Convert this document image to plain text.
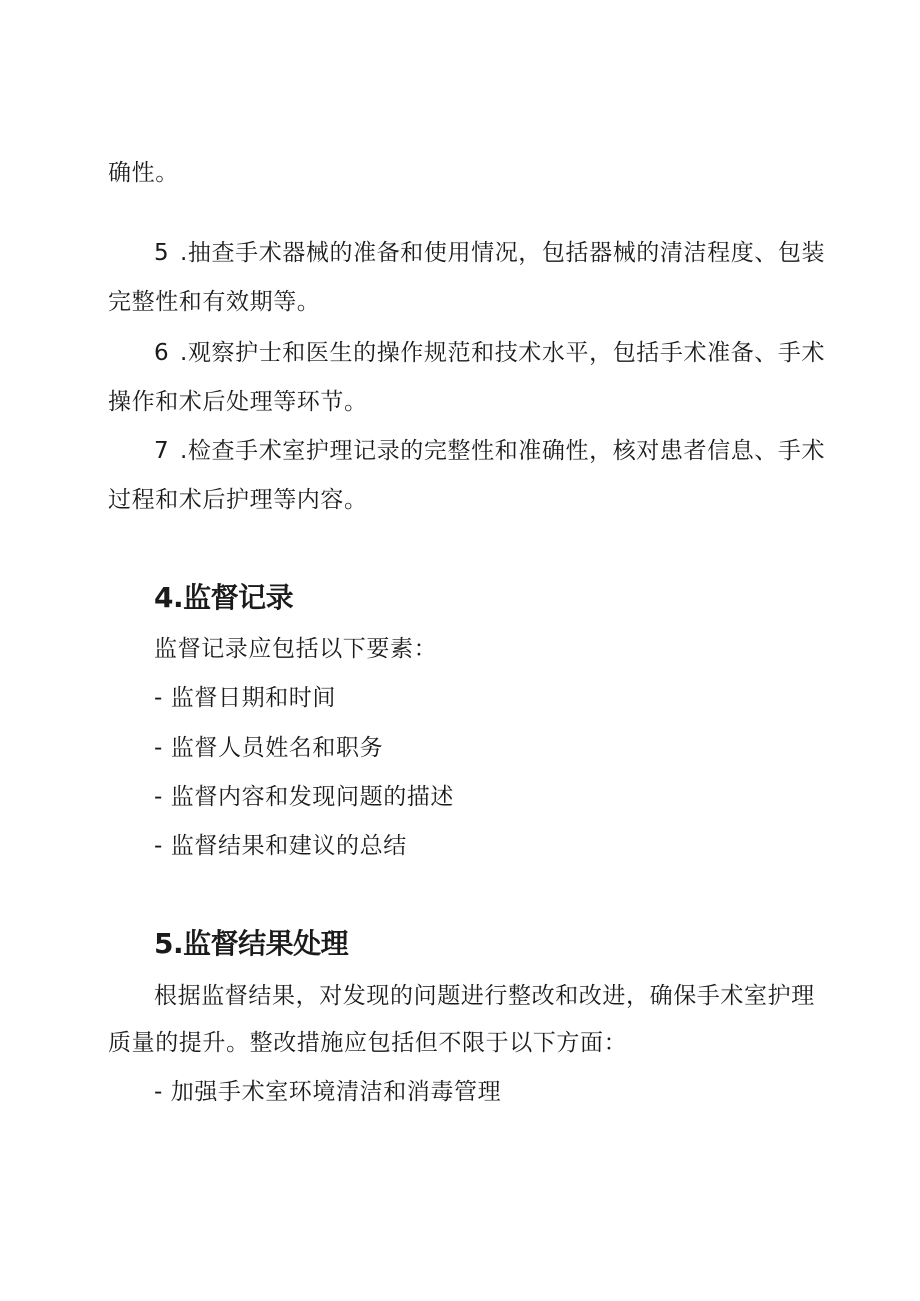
确性。
5 .抽查手术器械的准备和使用情况，包括器械的清洁程度、包装
完整性和有效期等。
6 .观察护士和医生的操作规范和技术水平，包括手术准备、手术
操作和术后处理等环节。
7 .检查手术室护理记录的完整性和准确性，核对患者信息、手术
过程和术后护理等内容。
4.监督记录
监督记录应包括以下要素：
- 监督日期和时间
- 监督人员姓名和职务
- 监督内容和发现问题的描述
- 监督结果和建议的总结
5.监督结果处理
根据监督结果，对发现的问题进行整改和改进，确保手术室护理
质量的提升。整改措施应包括但不限于以下方面：
- 加强手术室环境清洁和消毒管理
